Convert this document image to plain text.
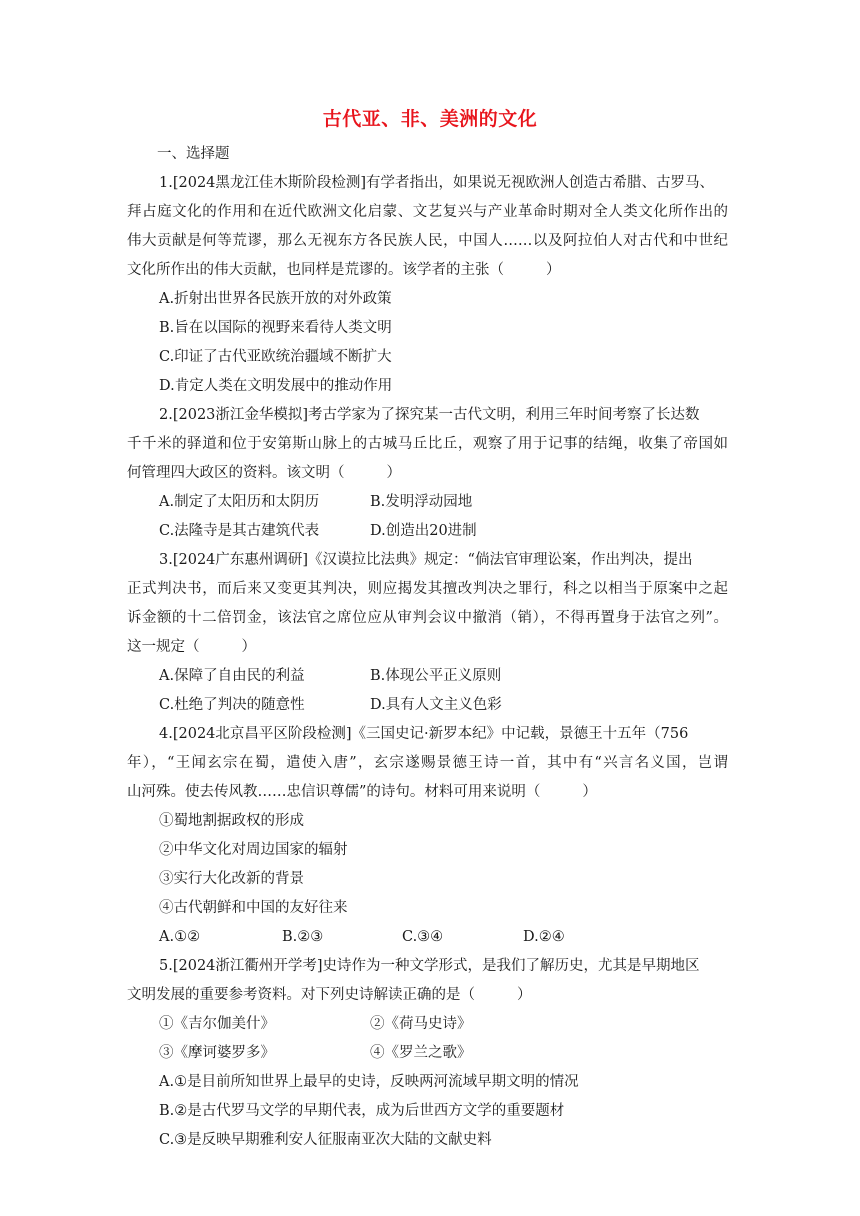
古代亚、非、美洲的文化
一、选择题
1.[2024黑龙江佳木斯阶段检测]有学者指出，如果说无视欧洲人创造古希腊、古罗马、
拜占庭文化的作用和在近代欧洲文化启蒙、文艺复兴与产业革命时期对全人类文化所作出的
伟大贡献是何等荒谬，那么无视东方各民族人民，中国人……以及阿拉伯人对古代和中世纪
文化所作出的伟大贡献，也同样是荒谬的。该学者的主张（	）
A.折射出世界各民族开放的对外政策
B.旨在以国际的视野来看待人类文明
C.印证了古代亚欧统治疆域不断扩大
D.肯定人类在文明发展中的推动作用
2.[2023浙江金华模拟]考古学家为了探究某一古代文明，利用三年时间考察了长达数
千千米的驿道和位于安第斯山脉上的古城马丘比丘，观察了用于记事的结绳，收集了帝国如
何管理四大政区的资料。该文明（	）
A.制定了太阳历和太阴历	B.发明浮动园地
C.法隆寺是其古建筑代表	D.创造出20进制
3.[2024广东惠州调研]《汉谟拉比法典》规定：“倘法官审理讼案，作出判决，提出
正式判决书，而后来又变更其判决，则应揭发其擅改判决之罪行，科之以相当于原案中之起
诉金额的十二倍罚金，该法官之席位应从审判会议中撤消（销），不得再置身于法官之列”。
这一规定（	）
A.保障了自由民的利益	B.体现公平正义原则
C.杜绝了判决的随意性	D.具有人文主义色彩
4.[2024北京昌平区阶段检测]《三国史记·新罗本纪》中记载，景德王十五年（756
年），“王闻玄宗在蜀，遣使入唐”，玄宗遂赐景德王诗一首，其中有“兴言名义国，岂谓
山河殊。使去传风教……忠信识尊儒”的诗句。材料可用来说明（	）
①蜀地割据政权的形成
②中华文化对周边国家的辐射
③实行大化改新的背景
④古代朝鲜和中国的友好往来
A.①②	B.②③	C.③④	D.②④
5.[2024浙江衢州开学考]史诗作为一种文学形式，是我们了解历史，尤其是早期地区
文明发展的重要参考资料。对下列史诗解读正确的是（	）
①《吉尔伽美什》	②《荷马史诗》
③《摩诃婆罗多》	④《罗兰之歌》
A.①是目前所知世界上最早的史诗，反映两河流域早期文明的情况
B.②是古代罗马文学的早期代表，成为后世西方文学的重要题材
C.③是反映早期雅利安人征服南亚次大陆的文献史料
